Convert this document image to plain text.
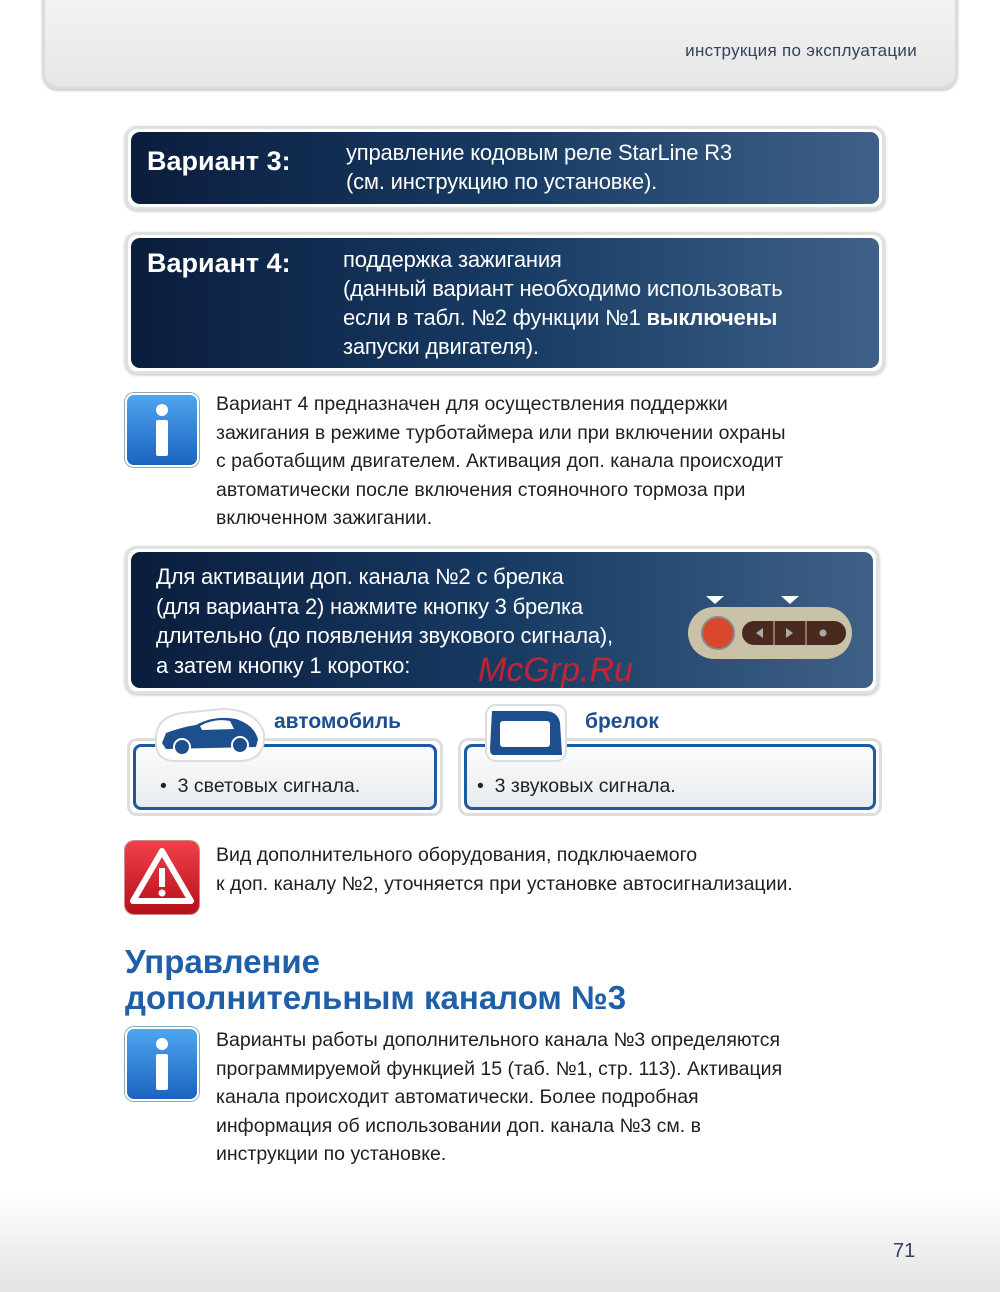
инструкция по эксплуатации
Вариант 3:	управление кодовым реле StarLine R3
(см. инструкцию по установке).
Вариант 4: поддержка зажигания
(данный вариант необходимо использовать
если в табл. №2 функции №1 выключены
запуски двигателя).
Вариант 4 предназначен для осуществления поддержки
зажигания в режиме турботаймера или при включении охраны
с работабщим двигателем. Активация доп. канала происходит
автоматически после включения стояночного тормоза при
включенном зажигании.
Для активации доп. канала №2 с брелка
(для варианта 2) нажмите кнопку 3 брелка
длительно (до появления звукового сигнала),
а затем кнопку 1 коротко:	McGrp.Ru
•  3 световых сигнала.
автомобиль
•  3 звуковых сигнала.
брелок
Вид дополнительного оборудования, подключаемого
к доп. каналу №2, уточняется при установке автосигнализации.
Управление
дополнительным каналом №3
Варианты работы дополнительного канала №3 определяются
программируемой функцией 15 (таб. №1, стр. 113). Активация
канала происходит автоматически. Более подробная
информация об использовании доп. канала №3 см. в
инструкции по установке.
71
